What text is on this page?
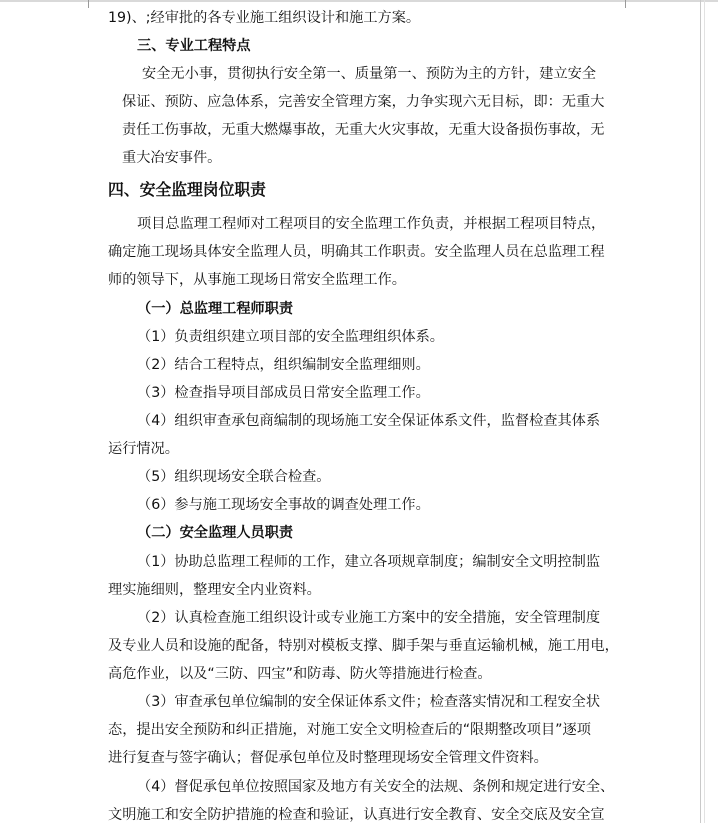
19)、;经审批的各专业施工组织设计和施工方案。
三、专业工程特点
安全无小事，贯彻执行安全第一、质量第一、预防为主的方针，建立安全
保证、预防、应急体系，完善安全管理方案，力争实现六无目标，即：无重大
责任工伤事故，无重大燃爆事故，无重大火灾事故，无重大设备损伤事故，无
重大冶安事件。
四、安全监理岗位职责
项目总监理工程师对工程项目的安全监理工作负责，并根据工程项目特点，
确定施工现场具体安全监理人员，明确其工作职责。安全监理人员在总监理工程
师的领导下，从事施工现场日常安全监理工作。
（一）总监理工程师职责
（1）负责组织建立项目部的安全监理组织体系。
（2）结合工程特点，组织编制安全监理细则。
（3）检查指导项目部成员日常安全监理工作。
（4）组织审查承包商编制的现场施工安全保证体系文件，监督检查其体系
运行情况。
（5）组织现场安全联合检查。
（6）参与施工现场安全事故的调查处理工作。
（二）安全监理人员职责
（1）协助总监理工程师的工作，建立各项规章制度；编制安全文明控制监
理实施细则，整理安全内业资料。
（2）认真检查施工组织设计或专业施工方案中的安全措施，安全管理制度
及专业人员和设施的配备，特别对模板支撑、脚手架与垂直运输机械，施工用电，
高危作业，以及“三防、四宝”和防毒、防火等措施进行检查。
（3）审查承包单位编制的安全保证体系文件；检查落实情况和工程安全状
态，提出安全预防和纠正措施，对施工安全文明检查后的“限期整改项目”逐项
进行复查与签字确认；督促承包单位及时整理现场安全管理文件资料。
（4）督促承包单位按照国家及地方有关安全的法规、条例和规定进行安全、
文明施工和安全防护措施的检查和验证，认真进行安全教育、安全交底及安全宣
